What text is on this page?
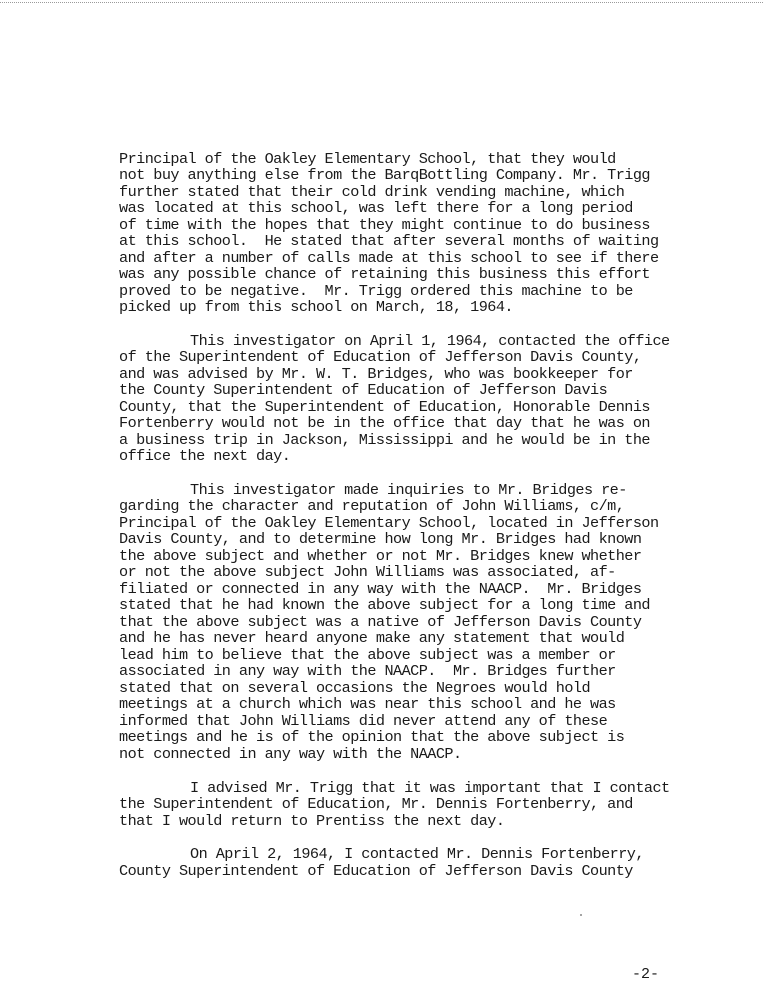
Principal of the Oakley Elementary School, that they would
not buy anything else from the BarqBottling Company. Mr. Trigg
further stated that their cold drink vending machine, which
was located at this school, was left there for a long period
of time with the hopes that they might continue to do business
at this school.  He stated that after several months of waiting
and after a number of calls made at this school to see if there
was any possible chance of retaining this business this effort
proved to be negative.  Mr. Trigg ordered this machine to be
picked up from this school on March, 18, 1964.
This investigator on April 1, 1964, contacted the office
of the Superintendent of Education of Jefferson Davis County,
and was advised by Mr. W. T. Bridges, who was bookkeeper for
the County Superintendent of Education of Jefferson Davis
County, that the Superintendent of Education, Honorable Dennis
Fortenberry would not be in the office that day that he was on
a business trip in Jackson, Mississippi and he would be in the
office the next day.
This investigator made inquiries to Mr. Bridges re-
garding the character and reputation of John Williams, c/m,
Principal of the Oakley Elementary School, located in Jefferson
Davis County, and to determine how long Mr. Bridges had known
the above subject and whether or not Mr. Bridges knew whether
or not the above subject John Williams was associated, af-
filiated or connected in any way with the NAACP.  Mr. Bridges
stated that he had known the above subject for a long time and
that the above subject was a native of Jefferson Davis County
and he has never heard anyone make any statement that would
lead him to believe that the above subject was a member or
associated in any way with the NAACP.  Mr. Bridges further
stated that on several occasions the Negroes would hold
meetings at a church which was near this school and he was
informed that John Williams did never attend any of these
meetings and he is of the opinion that the above subject is
not connected in any way with the NAACP.
I advised Mr. Trigg that it was important that I contact
the Superintendent of Education, Mr. Dennis Fortenberry, and
that I would return to Prentiss the next day.
On April 2, 1964, I contacted Mr. Dennis Fortenberry,
County Superintendent of Education of Jefferson Davis County
-2-
